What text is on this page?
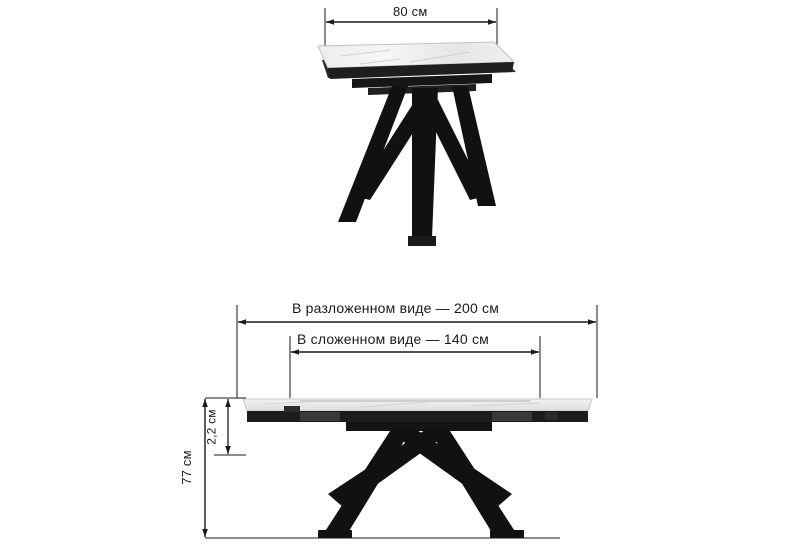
80 см
В разложенном виде — 200 см
В сложенном виде — 140 см
77 см
2,2 см
